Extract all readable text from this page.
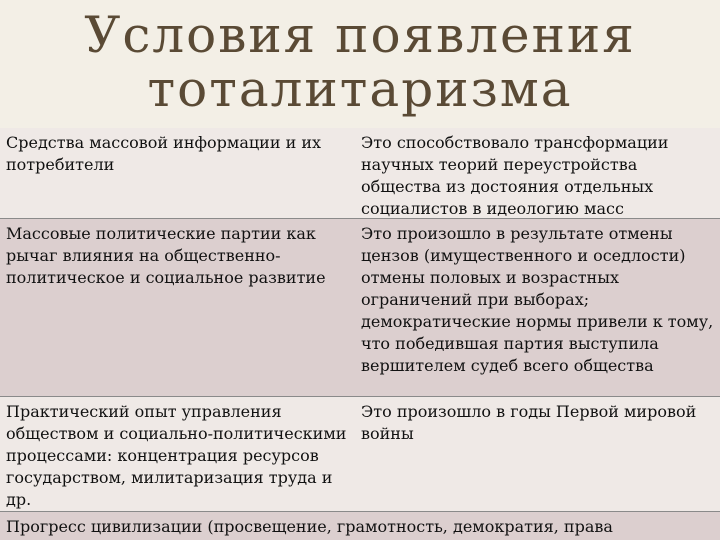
Условия появления
тоталитаризма
Средства массовой информации и их потребители
Это способствовало трансформации научных теорий переустройства общества из достояния отдельных социалистов в идеологию масс
Массовые политические партии как рычаг влияния на общественно-политическое и социальное развитие
Это произошло в результате отмены цензов (имущественного и оседлости) отмены половых и возрастных ограничений при выборах; демократические нормы привели к тому, что победившая партия выступила вершителем судеб всего общества
Практический опыт управления обществом и социально-политическими процессами: концентрация ресурсов государством, милитаризация труда и др.
Это произошло в годы Первой мировой войны
Прогресс цивилизации (просвещение, грамотность, демократия, права
